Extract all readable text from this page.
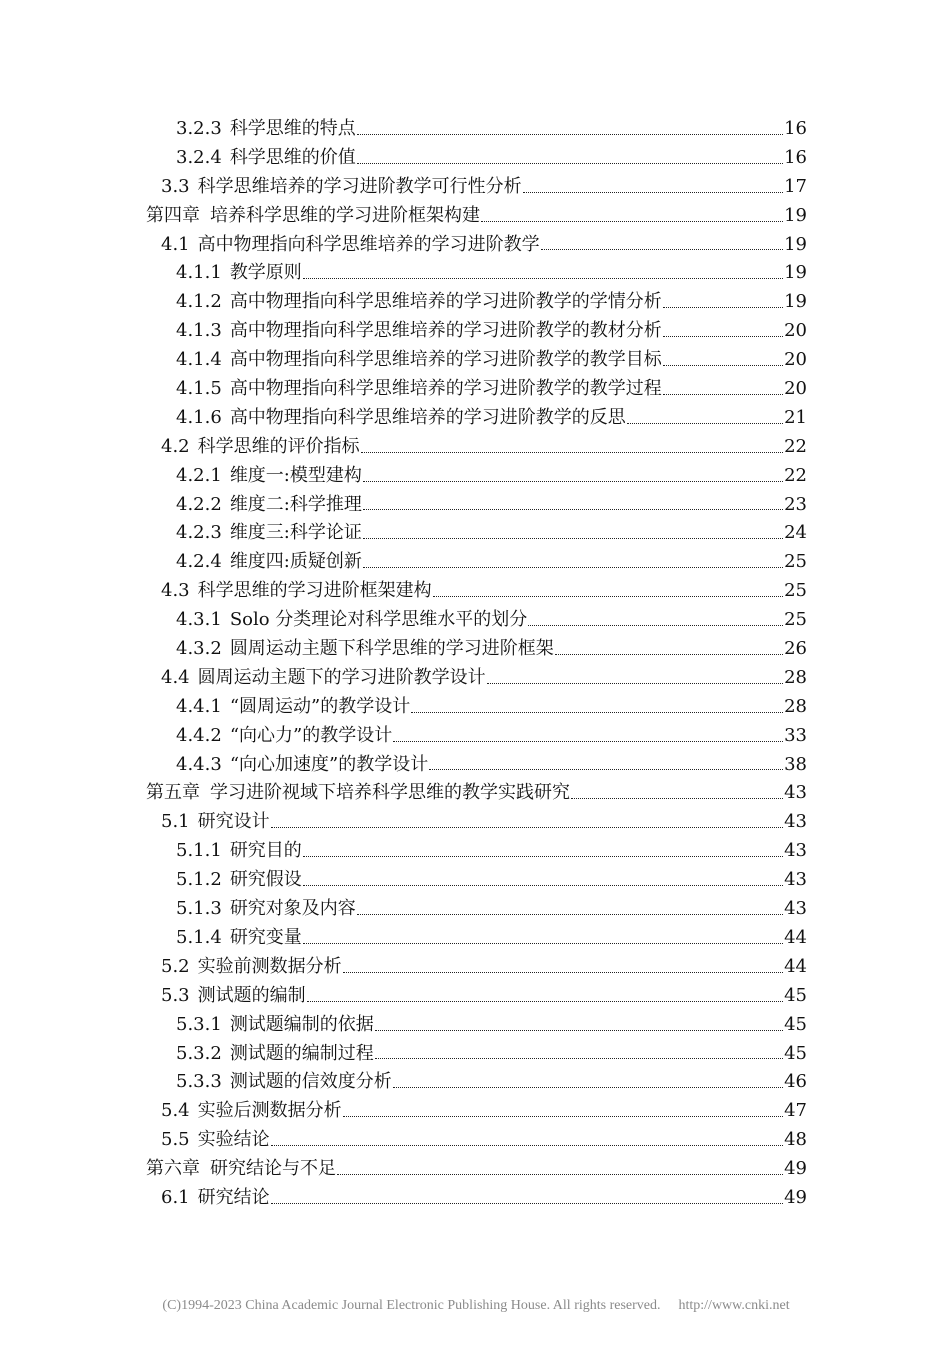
3.2.3 科学思维的特点	16
3.2.4 科学思维的价值	16
3.3 科学思维培养的学习进阶教学可行性分析	17
第四章 培养科学思维的学习进阶框架构建	19
4.1 高中物理指向科学思维培养的学习进阶教学	19
4.1.1 教学原则	19
4.1.2 高中物理指向科学思维培养的学习进阶教学的学情分析	19
4.1.3 高中物理指向科学思维培养的学习进阶教学的教材分析	20
4.1.4 高中物理指向科学思维培养的学习进阶教学的教学目标	20
4.1.5 高中物理指向科学思维培养的学习进阶教学的教学过程	20
4.1.6 高中物理指向科学思维培养的学习进阶教学的反思	21
4.2 科学思维的评价指标	22
4.2.1 维度一:模型建构	22
4.2.2 维度二:科学推理	23
4.2.3 维度三:科学论证	24
4.2.4 维度四:质疑创新	25
4.3 科学思维的学习进阶框架建构	25
4.3.1 Solo 分类理论对科学思维水平的划分	25
4.3.2 圆周运动主题下科学思维的学习进阶框架	26
4.4 圆周运动主题下的学习进阶教学设计	28
4.4.1 “圆周运动”的教学设计	28
4.4.2 “向心力”的教学设计	33
4.4.3 “向心加速度”的教学设计	38
第五章 学习进阶视域下培养科学思维的教学实践研究	43
5.1 研究设计	43
5.1.1 研究目的	43
5.1.2 研究假设	43
5.1.3 研究对象及内容	43
5.1.4 研究变量	44
5.2 实验前测数据分析	44
5.3 测试题的编制	45
5.3.1 测试题编制的依据	45
5.3.2 测试题的编制过程	45
5.3.3 测试题的信效度分析	46
5.4 实验后测数据分析	47
5.5 实验结论	48
第六章 研究结论与不足	49
6.1 研究结论	49
(C)1994-2023 China Academic Journal Electronic Publishing House. All rights reserved. http://www.cnki.net
